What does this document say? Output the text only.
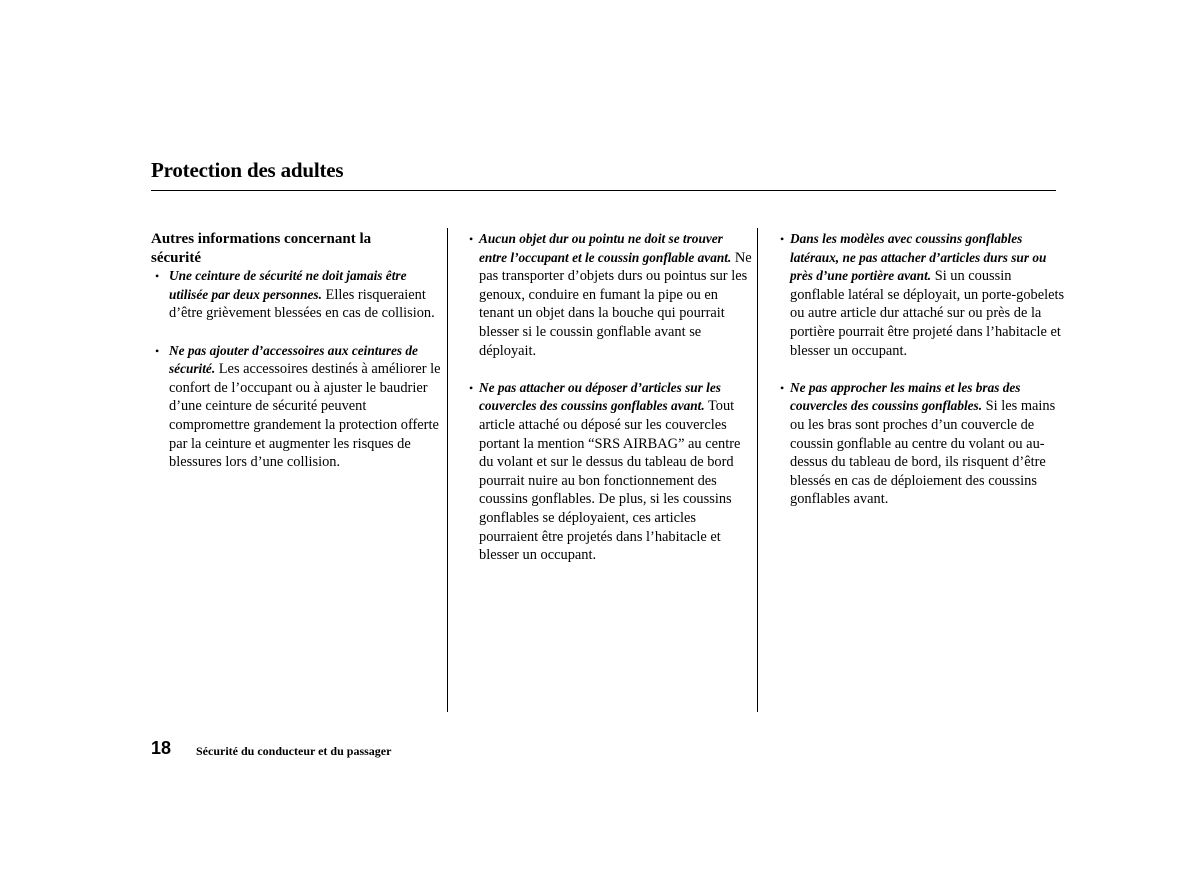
Protection des adultes
Autres informations concernant la sécurité
• Une ceinture de sécurité ne doit jamais être utilisée par deux personnes. Elles risqueraient d’être grièvement blessées en cas de collision.
• Ne pas ajouter d’accessoires aux ceintures de sécurité. Les accessoires destinés à améliorer le confort de l’occupant ou à ajuster le baudrier d’une ceinture de sécurité peuvent compromettre grandement la protection offerte par la ceinture et augmenter les risques de blessures lors d’une collision.
• Aucun objet dur ou pointu ne doit se trouver entre l’occupant et le coussin gonflable avant. Ne pas transporter d’objets durs ou pointus sur les genoux, conduire en fumant la pipe ou en tenant un objet dans la bouche qui pourrait blesser si le coussin gonflable avant se déployait.
• Ne pas attacher ou déposer d’articles sur les couvercles des coussins gonflables avant. Tout article attaché ou déposé sur les couvercles portant la mention “SRS AIRBAG” au centre du volant et sur le dessus du tableau de bord pourrait nuire au bon fonctionnement des coussins gonflables. De plus, si les coussins gonflables se déployaient, ces articles pourraient être projetés dans l’habitacle et blesser un occupant.
• Dans les modèles avec coussins gonflables latéraux, ne pas attacher d’articles durs sur ou près d’une portière avant. Si un coussin gonflable latéral se déployait, un porte-gobelets ou autre article dur attaché sur ou près de la portière pourrait être projeté dans l’habitacle et blesser un occupant.
• Ne pas approcher les mains et les bras des couvercles des coussins gonflables. Si les mains ou les bras sont proches d’un couvercle de coussin gonflable au centre du volant ou au-dessus du tableau de bord, ils risquent d’être blessés en cas de déploiement des coussins gonflables avant.
18 Sécurité du conducteur et du passager
